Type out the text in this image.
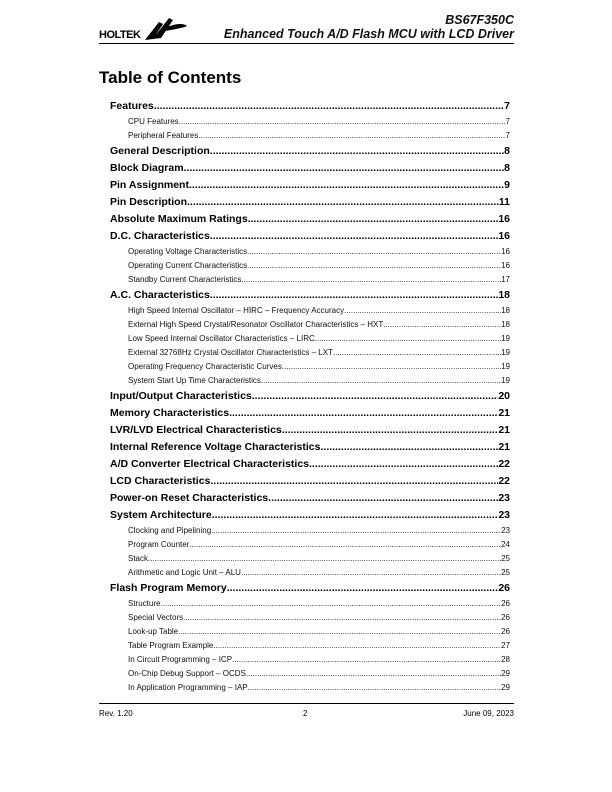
HOLTEK
BS67F350C
Enhanced Touch A/D Flash MCU with LCD Driver
Table of Contents
Features .....	7
CPU Features .....	7
Peripheral Features .....	7
General Description .....	8
Block Diagram .....	8
Pin Assignment .....	9
Pin Description .....	11
Absolute Maximum Ratings .....	16
D.C. Characteristics .....	16
Operating Voltage Characteristics .....	16
Operating Current Characteristics .....	16
Standby Current Characteristics .....	17
A.C. Characteristics .....	18
High Speed Internal Oscillator – HIRC – Frequency Accuracy .....	18
External High Speed Crystal/Resonator Oscillator Characteristics – HXT .....	18
Low Speed Internal Oscillator Characteristics – LIRC .....	19
External 32768Hz Crystal Oscillator Characteristics – LXT .....	19
Operating Frequency Characteristic Curves .....	19
System Start Up Time Characteristics .....	19
Input/Output Characteristics .....	20
Memory Characteristics .....	21
LVR/LVD Electrical Characteristics .....	21
Internal Reference Voltage Characteristics .....	21
A/D Converter Electrical Characteristics .....	22
LCD Characteristics .....	22
Power-on Reset Characteristics .....	23
System Architecture .....	23
Clocking and Pipelining .....	23
Program Counter .....	24
Stack .....	25
Arithmetic and Logic Unit – ALU .....	25
Flash Program Memory .....	26
Structure .....	26
Special Vectors .....	26
Look-up Table .....	26
Table Program Example .....	27
In Circuit Programming – ICP .....	28
On-Chip Debug Support – OCDS .....	29
In Application Programming – IAP .....	29
Rev. 1.20	2	June 09, 2023
